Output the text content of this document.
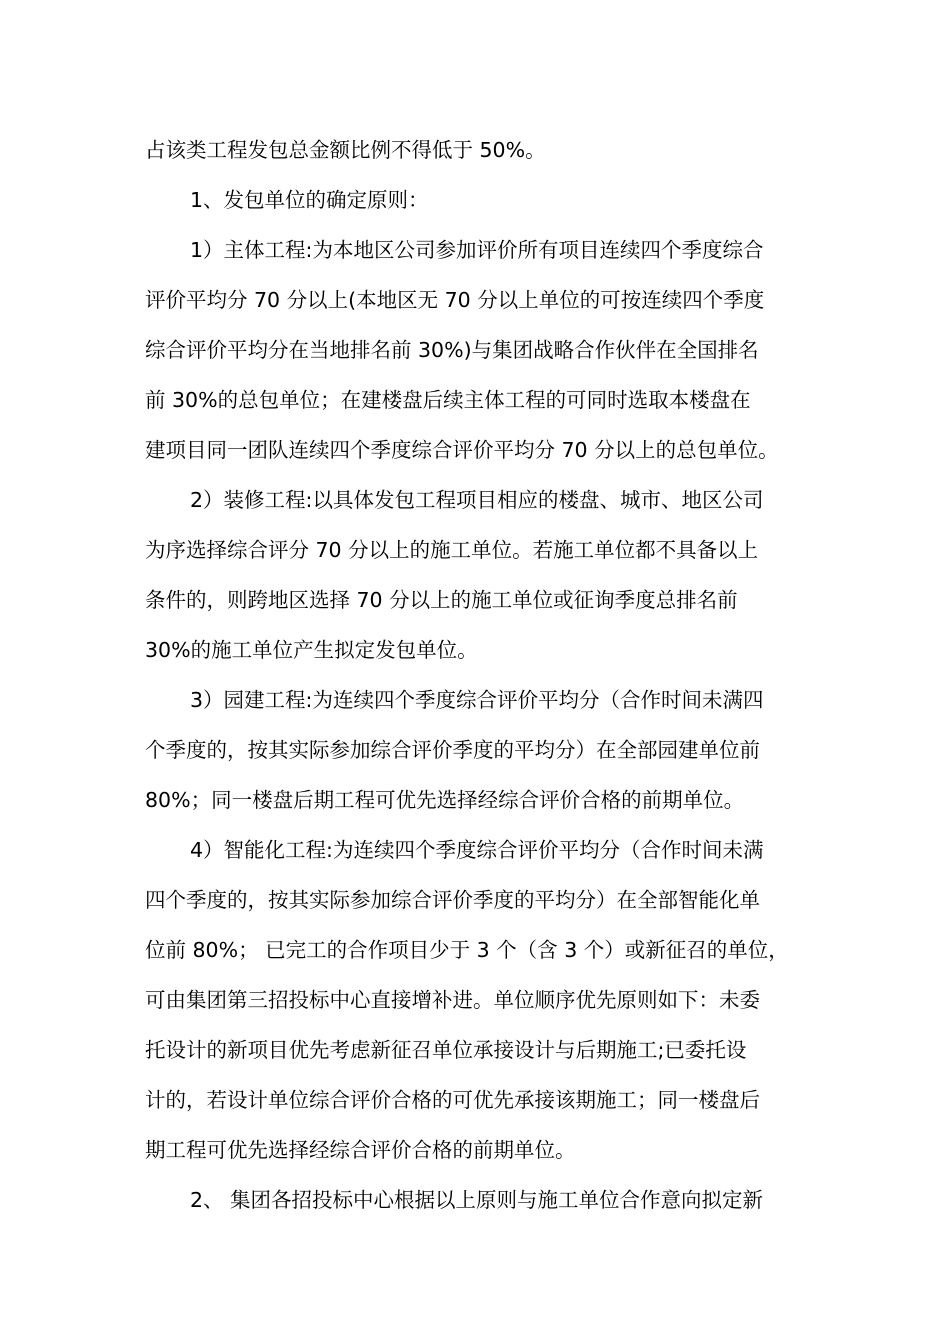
占该类工程发包总金额比例不得低于 50%。
1、发包单位的确定原则：
1）主体工程:为本地区公司参加评价所有项目连续四个季度综合
评价平均分 70 分以上(本地区无 70 分以上单位的可按连续四个季度
综合评价平均分在当地排名前 30%)与集团战略合作伙伴在全国排名
前 30%的总包单位；在建楼盘后续主体工程的可同时选取本楼盘在
建项目同一团队连续四个季度综合评价平均分 70 分以上的总包单位。
2）装修工程:以具体发包工程项目相应的楼盘、城市、地区公司
为序选择综合评分 70 分以上的施工单位。若施工单位都不具备以上
条件的，则跨地区选择 70 分以上的施工单位或征询季度总排名前
30%的施工单位产生拟定发包单位。
3）园建工程:为连续四个季度综合评价平均分（合作时间未满四
个季度的，按其实际参加综合评价季度的平均分）在全部园建单位前
80%；同一楼盘后期工程可优先选择经综合评价合格的前期单位。
4）智能化工程:为连续四个季度综合评价平均分（合作时间未满
四个季度的，按其实际参加综合评价季度的平均分）在全部智能化单
位前 80%； 已完工的合作项目少于 3 个（含 3 个）或新征召的单位，
可由集团第三招投标中心直接增补进。单位顺序优先原则如下：未委
托设计的新项目优先考虑新征召单位承接设计与后期施工;已委托设
计的，若设计单位综合评价合格的可优先承接该期施工；同一楼盘后
期工程可优先选择经综合评价合格的前期单位。
2、 集团各招投标中心根据以上原则与施工单位合作意向拟定新
